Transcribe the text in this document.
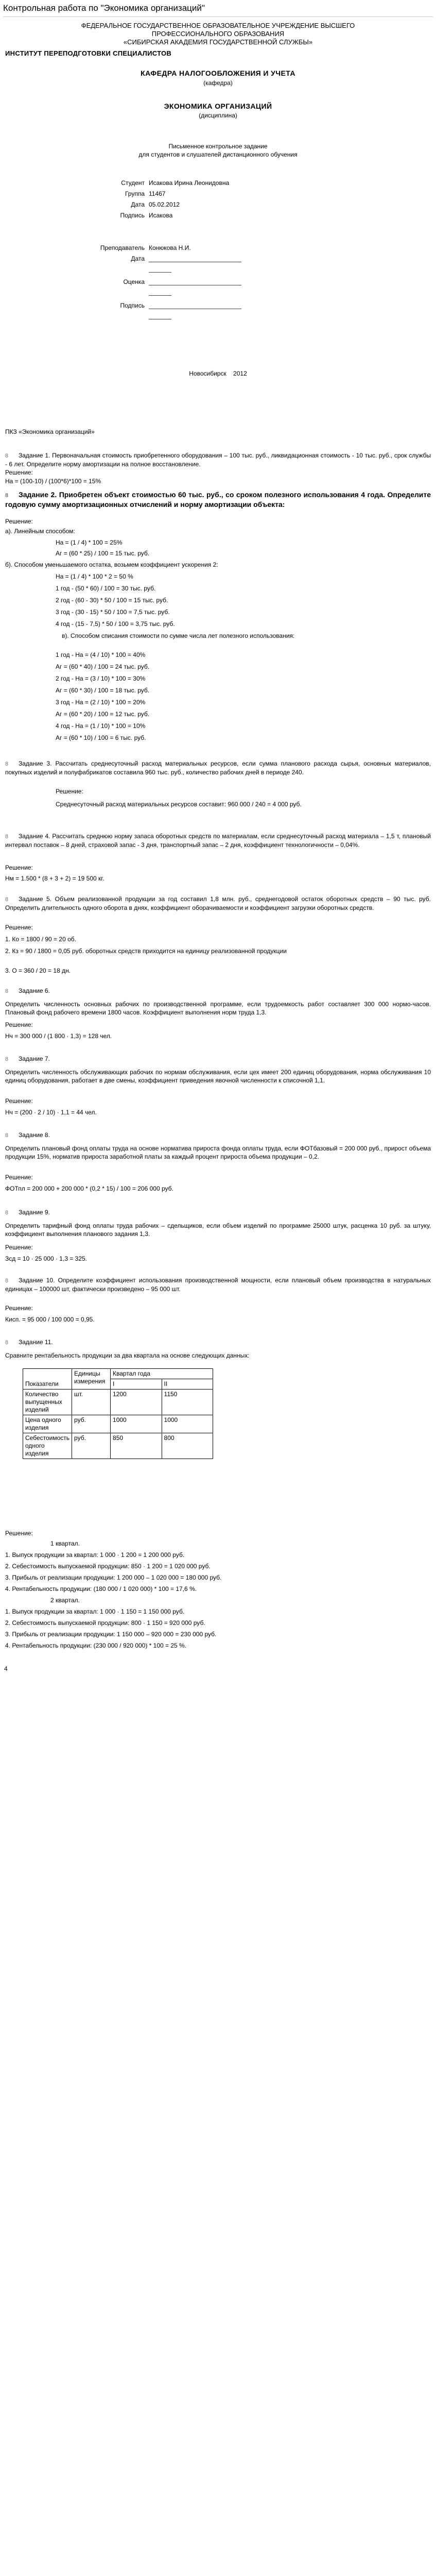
Контрольная работа по "Экономика организаций"
ФЕДЕРАЛЬНОЕ ГОСУДАРСТВЕННОЕ ОБРАЗОВАТЕЛЬНОЕ УЧРЕЖДЕНИЕ ВЫСШЕГО
ПРОФЕССИОНАЛЬНОГО ОБРАЗОВАНИЯ
«СИБИРСКАЯ АКАДЕМИЯ ГОСУДАРСТВЕННОЙ СЛУЖБЫ»
ИНСТИТУТ ПЕРЕПОДГОТОВКИ СПЕЦИАЛИСТОВ
КАФЕДРА НАЛОГООБЛОЖЕНИЯ И УЧЕТА
(кафедра)
ЭКОНОМИКА ОРГАНИЗАЦИЙ
(дисциплина)
Письменное контрольное задание
для студентов и слушателей дистанционного обучения
Студент Исакова Ирина Леонидовна
Группа 11467
Дата 05.02.2012
Подпись Исакова
Преподаватель Конюкова Н.И.
Дата
Оценка
Подпись
Новосибирск    2012
ПКЗ «Экономика организаций»
8 Задание 1. Первоначальная стоимость приобретенного оборудования – 100 тыс. руб., ликвидационная стоимость - 10 тыс. руб., срок службы - 6 лет. Определите норму амортизации на полное восстановление.
Решение:
На = (100-10) / (100*6)*100 = 15%
8 Задание 2. Приобретен объект стоимостью 60 тыс. руб., со сроком полезного использования 4 года. Определите годовую сумму амортизационных отчислений и норму амортизации объекта:
Решение:
а). Линейным способом:
На = (1 / 4) * 100 = 25%
Аг = (60 * 25) / 100 = 15 тыс. руб.
б). Способом уменьшаемого остатка, возьмем коэффициент ускорения 2:
На = (1 / 4) * 100 * 2 = 50 %
1 год - (50 * 60) / 100 = 30 тыс. руб.
2 год - (60 - 30) * 50 / 100 = 15 тыс. руб.
3 год - (30 - 15) * 50 / 100 = 7,5 тыс. руб.
4 год - (15 - 7,5) * 50 / 100 = 3,75 тыс. руб.
в). Способом списания стоимости по сумме числа лет полезного использования:
1 год - На = (4 / 10) * 100 = 40%
Аг = (60 * 40) / 100 = 24 тыс. руб.
2 год - На = (3 / 10) * 100 = 30%
Аг = (60 * 30) / 100 = 18 тыс. руб.
3 год - На = (2 / 10) * 100 = 20%
Аг = (60 * 20) / 100 = 12 тыс. руб.
4 год - На = (1 / 10) * 100 = 10%
Аг = (60 * 10) / 100 = 6 тыс. руб.
8 Задание 3. Рассчитать среднесуточный расход материальных ресурсов, если сумма планового расхода сырья, основных материалов, покупных изделий и полуфабрикатов составила 960 тыс. руб., количество рабочих дней в периоде 240.
Решение:
Среднесуточный расход материальных ресурсов составит: 960 000 / 240 = 4 000 руб.
8 Задание 4. Рассчитать среднюю норму запаса оборотных средств по материалам, если среднесуточный расход материала – 1,5 т, плановый интервал поставок – 8 дней, страховой запас - 3 дня, транспортный запас – 2 дня, коэффициент технологичности – 0,04%.
Решение:
Нм = 1.500 * (8 + 3 + 2) = 19 500 кг.
8 Задание 5. Объем реализованной продукции за год составил 1,8 млн. руб., среднегодовой остаток оборотных средств – 90 тыс. руб. Определить длительность одного оборота в днях, коэффициент оборачиваемости и коэффициент загрузки оборотных средств.
Решение:
1. Ко = 1800 / 90 = 20 об.
2. Кз = 90 / 1800 = 0,05 руб. оборотных средств приходится на единицу реализованной продукции
3. О = 360 / 20 = 18 дн.
8 Задание 6.
Определить численность основных рабочих по производственной программе, если трудоемкость работ составляет 300 000 нормо-часов. Плановый фонд рабочего времени 1800 часов. Коэффициент выполнения норм труда 1,3.
Решение:
Нч = 300 000 / (1 800 · 1,3) = 128 чел.
8 Задание 7.
Определить численность обслуживающих рабочих по нормам обслуживания, если цех имеет 200 единиц оборудования, норма обслуживания 10 единиц оборудования, работает в две смены, коэффициент приведения явочной численности к списочной 1,1.
Решение:
Нч = (200 · 2 / 10) · 1,1 = 44 чел.
8 Задание 8.
Определить плановый фонд оплаты труда на основе норматива прироста фонда оплаты труда, если ФОТбазовый = 200 000 руб., прирост объема продукции 15%, норматив прироста заработной платы за каждый процент прироста объема продукции – 0,2.
Решение:
ФОТпл = 200 000 + 200 000 * (0,2 * 15) / 100 = 206 000 руб.
8 Задание 9.
Определить тарифный фонд оплаты труда рабочих – сдельщиков, если объем изделий по программе 25000 штук, расценка 10 руб. за штуку, коэффициент выполнения планового задания 1,3.
Решение:
Зсд = 10 · 25 000 · 1,3 = 325.
8 Задание 10. Определите коэффициент использования производственной мощности, если плановый объем производства в натуральных единицах – 100000 шт, фактически произведено – 95 000 шт.
Решение:
Кисп. = 95 000 / 100 000 = 0,95.
8 Задание 11.
Сравните рентабельность продукции за два квартала на основе следующих данных:
Показатели	Единицы измерения	Квартал года	
		I	II
Количество выпущенных изделий	шт.	1200	1150
Цена одного изделия	руб.	1000	1000
Себестоимость одного изделия	руб.	850	800
Решение:
1 квартал.
1. Выпуск продукции за квартал: 1 000 · 1 200 = 1 200 000 руб.
2. Себестоимость выпускаемой продукции: 850 · 1 200 = 1 020 000 руб.
3. Прибыль от реализации продукции: 1 200 000 – 1 020 000 = 180 000 руб.
4. Рентабельность продукции: (180 000 / 1 020 000) * 100 = 17,6 %.
2 квартал.
1. Выпуск продукции за квартал: 1 000 · 1 150 = 1 150 000 руб.
2. Себестоимость выпускаемой продукции: 800 · 1 150 = 920 000 руб.
3. Прибыль от реализации продукции: 1 150 000 – 920 000 = 230 000 руб.
4. Рентабельность продукции: (230 000 / 920 000) * 100 = 25 %.
4
